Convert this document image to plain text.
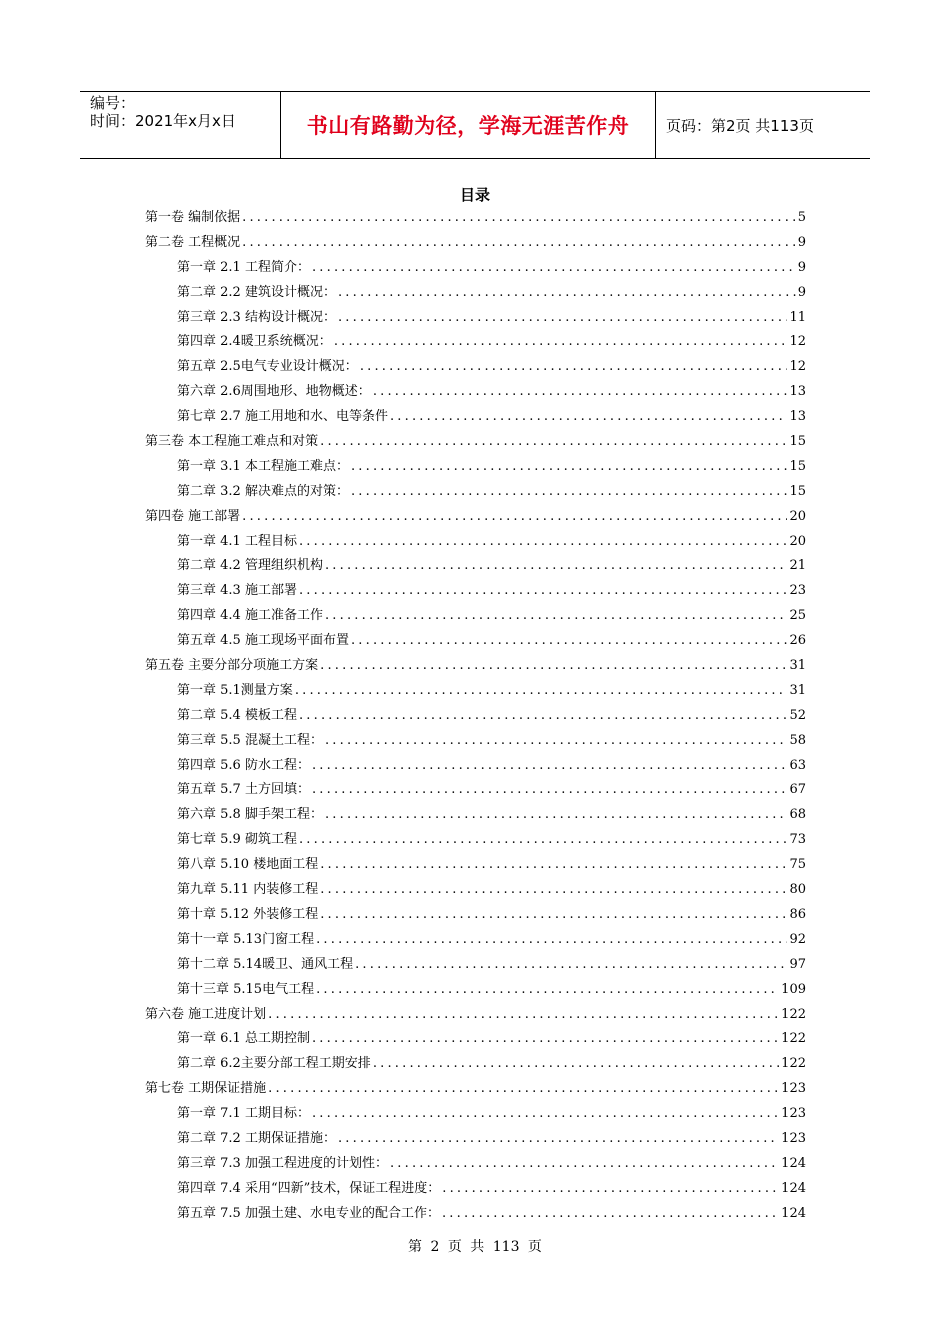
编号：
时间：2021年x月x日	书山有路勤为径，学海无涯苦作舟	页码：第2页 共113页
目录
第一卷 编制依据 .....	5
第二卷 工程概况 .....	9
第一章 2.1 工程简介： .....	9
第二章 2.2 建筑设计概况： .....	9
第三章 2.3 结构设计概况： .....	11
第四章 2.4暖卫系统概况： .....	12
第五章 2.5电气专业设计概况： .....	12
第六章 2.6周围地形、地物概述： .....	13
第七章 2.7 施工用地和水、电等条件 .....	13
第三卷 本工程施工难点和对策 .....	15
第一章 3.1 本工程施工难点： .....	15
第二章 3.2 解决难点的对策： .....	15
第四卷 施工部署 .....	20
第一章 4.1 工程目标 .....	20
第二章 4.2 管理组织机构 .....	21
第三章 4.3 施工部署 .....	23
第四章 4.4 施工准备工作 .....	25
第五章 4.5 施工现场平面布置 .....	26
第五卷 主要分部分项施工方案 .....	31
第一章 5.1测量方案 .....	31
第二章 5.4 模板工程 .....	52
第三章 5.5 混凝土工程： .....	58
第四章 5.6 防水工程： .....	63
第五章 5.7 土方回填： .....	67
第六章 5.8 脚手架工程： .....	68
第七章 5.9 砌筑工程 .....	73
第八章 5.10 楼地面工程 .....	75
第九章 5.11 内装修工程 .....	80
第十章 5.12 外装修工程 .....	86
第十一章 5.13门窗工程 .....	92
第十二章 5.14暖卫、通风工程 .....	97
第十三章 5.15电气工程 .....	109
第六卷 施工进度计划 .....	122
第一章 6.1 总工期控制 .....	122
第二章 6.2主要分部工程工期安排 .....	122
第七卷 工期保证措施 .....	123
第一章 7.1 工期目标： .....	123
第二章 7.2 工期保证措施： .....	123
第三章 7.3 加强工程进度的计划性： .....	124
第四章 7.4 采用“四新”技术，保证工程进度： .....	124
第五章 7.5 加强土建、水电专业的配合工作： .....	124
第 2 页 共 113 页
